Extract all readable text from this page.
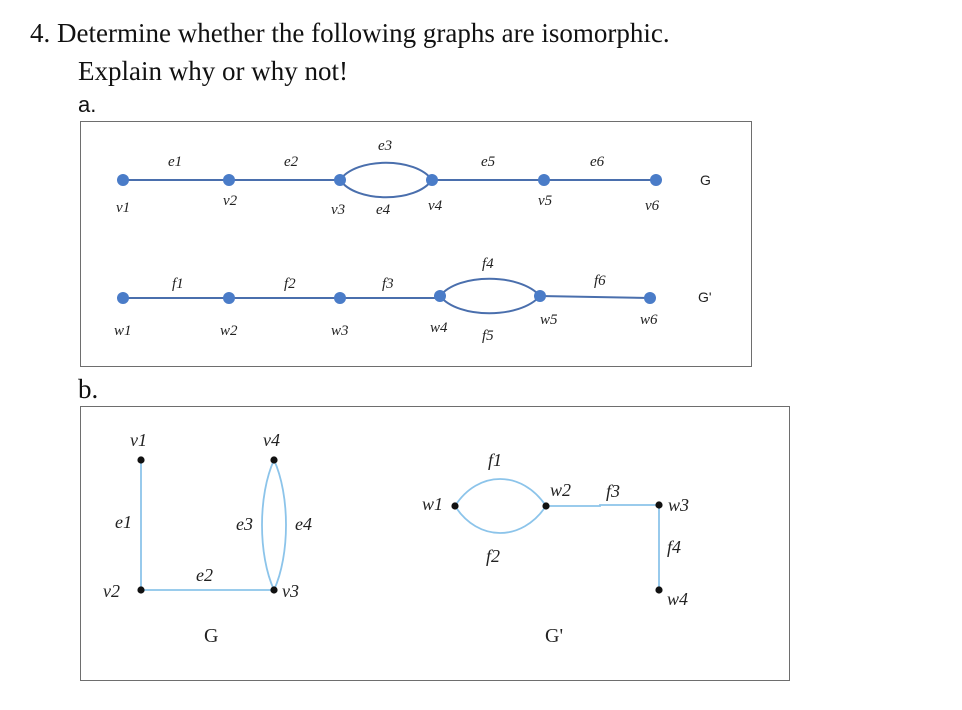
4. Determine whether the following graphs are isomorphic.
Explain why or why not!
a.
b.
e1	e2
e3
e4
e5	e6
v1	v2
v3	v4	v5	v6
G
f1	f2	f3
f4
f5
f6
w1	w2	w3	w4	w5	w6
G'
v1
v2	v3
v4
e1
e2
e3 e4
G
w1
w2
w3
w4
f1
f2
f3
f4
G'
